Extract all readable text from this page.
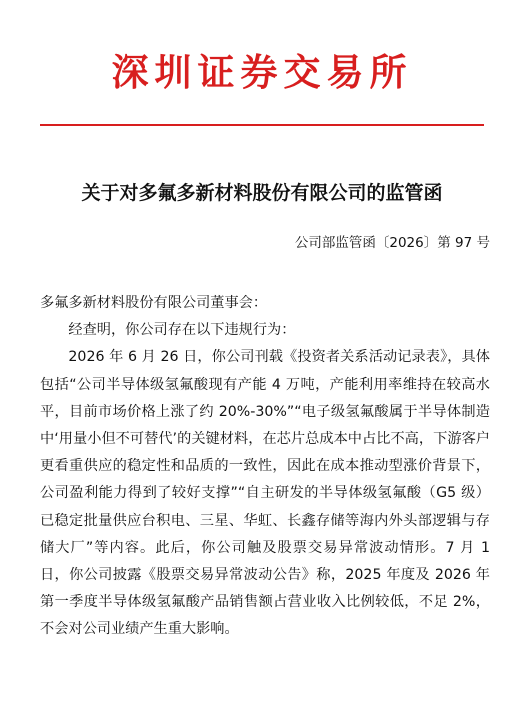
深圳证券交易所
关于对多氟多新材料股份有限公司的监管函
公司部监管函〔2026〕第 97 号

多氟多新材料股份有限公司董事会：

经查明，你公司存在以下违规行为：

2026 年 6 月 26 日，你公司刊载《投资者关系活动记录表》，具体包括“公司半导体级氢氟酸现有产能 4 万吨，产能利用率维持在较高水平，目前市场价格上涨了约 20%-30%”“电子级氢氟酸属于半导体制造中‘用量小但不可替代’的关键材料，在芯片总成本中占比不高，下游客户更看重供应的稳定性和品质的一致性，因此在成本推动型涨价背景下，公司盈利能力得到了较好支撑”“自主研发的半导体级氢氟酸（G5 级）已稳定批量供应台积电、三星、华虹、长鑫存储等海内外头部逻辑与存储大厂”等内容。此后，你公司触及股票交易异常波动情形。7 月 1 日，你公司披露《股票交易异常波动公告》称，2025 年度及 2026 年第一季度半导体级氢氟酸产品销售额占营业收入比例较低，不足 2%，不会对公司业绩产生重大影响。
